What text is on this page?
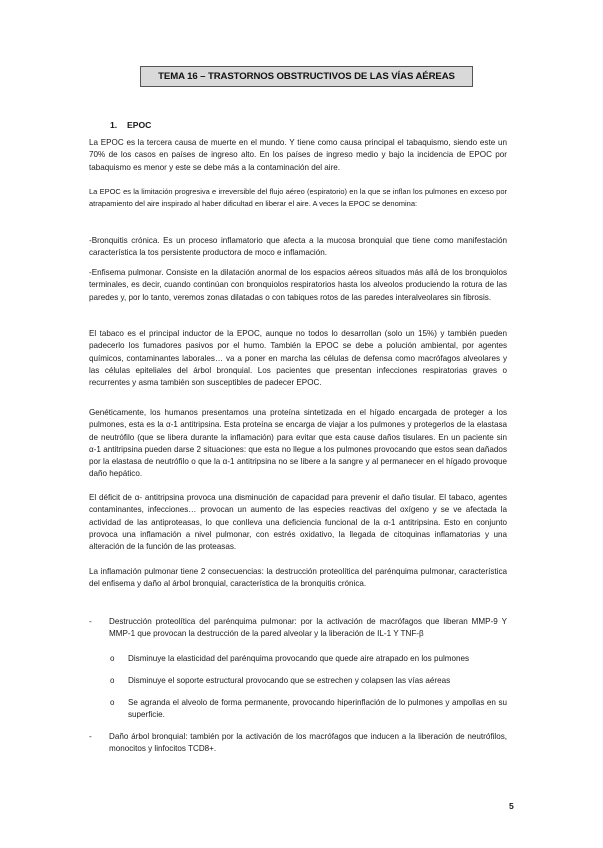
TEMA 16 – TRASTORNOS OBSTRUCTIVOS DE LAS VÍAS AÉREAS
1. EPOC

La EPOC es la tercera causa de muerte en el mundo. Y tiene como causa principal el tabaquismo, siendo este un 70% de los casos en países de ingreso alto. En los países de ingreso medio y bajo la incidencia de EPOC por tabaquismo es menor y este se debe más a la contaminación del aire.

La EPOC es la limitación progresiva e irreversible del flujo aéreo (espiratorio) en la que se inflan los pulmones en exceso por atrapamiento del aire inspirado al haber dificultad en liberar el aire. A veces la EPOC se denomina:

-Bronquitis crónica. Es un proceso inflamatorio que afecta a la mucosa bronquial que tiene como manifestación característica la tos persistente productora de moco e inflamación.

-Enfisema pulmonar. Consiste en la dilatación anormal de los espacios aéreos situados más allá de los bronquiolos terminales, es decir, cuando continúan con bronquiolos respiratorios hasta los alveolos produciendo la rotura de las paredes y, por lo tanto, veremos zonas dilatadas o con tabiques rotos de las paredes interalveolares sin fibrosis.

El tabaco es el principal inductor de la EPOC, aunque no todos lo desarrollan (solo un 15%) y también pueden padecerlo los fumadores pasivos por el humo. También la EPOC se debe a polución ambiental, por agentes químicos, contaminantes laborales… va a poner en marcha las células de defensa como macrófagos alveolares y las células epiteliales del árbol bronquial. Los pacientes que presentan infecciones respiratorias graves o recurrentes y asma también son susceptibles de padecer EPOC.

Genéticamente, los humanos presentamos una proteína sintetizada en el hígado encargada de proteger a los pulmones, esta es la α-1 antitripsina. Esta proteína se encarga de viajar a los pulmones y protegerlos de la elastasa de neutrófilo (que se libera durante la inflamación) para evitar que esta cause daños tisulares. En un paciente sin α-1 antitripsina pueden darse 2 situaciones: que esta no llegue a los pulmones provocando que estos sean dañados por la elastasa de neutrófilo o que la α-1 antitripsina no se libere a la sangre y al permanecer en el hígado provoque daño hepático.

El déficit de α- antitripsina provoca una disminución de capacidad para prevenir el daño tisular. El tabaco, agentes contaminantes, infecciones… provocan un aumento de las especies reactivas del oxígeno y se ve afectada la actividad de las antiproteasas, lo que conlleva una deficiencia funcional de la α-1 antitripsina. Esto en conjunto provoca una inflamación a nivel pulmonar, con estrés oxidativo, la llegada de citoquinas inflamatorias y una alteración de la función de las proteasas.

La inflamación pulmonar tiene 2 consecuencias: la destrucción proteolítica del parénquima pulmonar, característica del enfisema y daño al árbol bronquial, característica de la bronquitis crónica.

- Destrucción proteolítica del parénquima pulmonar: por la activación de macrófagos que liberan MMP-9 Y MMP-1 que provocan la destrucción de la pared alveolar y la liberación de IL-1 Y TNF-β

o Disminuye la elasticidad del parénquima provocando que quede aire atrapado en los pulmones

o Disminuye el soporte estructural provocando que se estrechen y colapsen las vías aéreas

o Se agranda el alveolo de forma permanente, provocando hiperinflación de lo pulmones y ampollas en su superficie.

- Daño árbol bronquial: también por la activación de los macrófagos que inducen a la liberación de neutrófilos, monocitos y linfocitos TCD8+.

5
